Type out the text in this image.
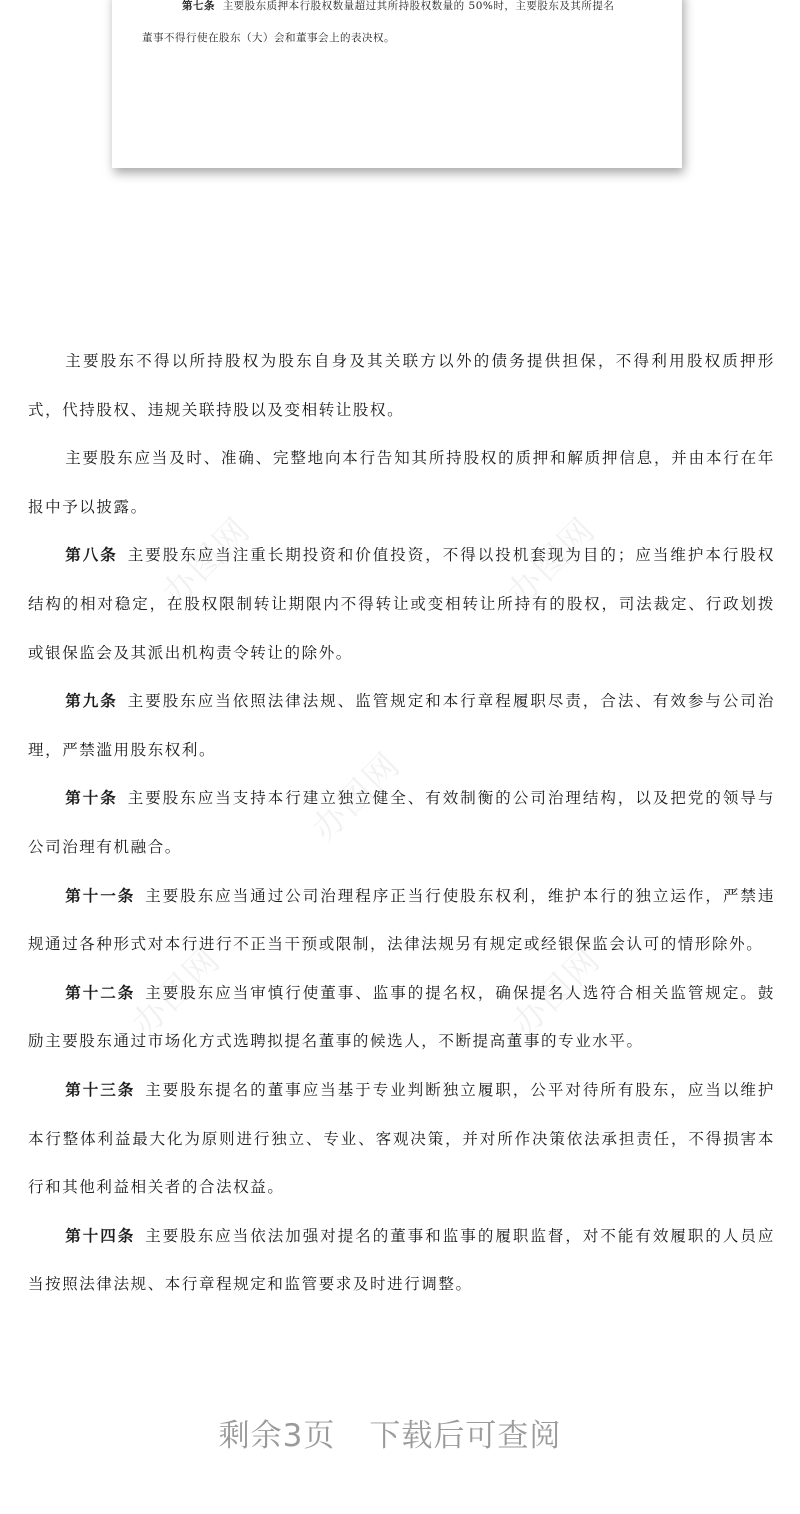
第七条 主要股东质押本行股权数量超过其所持股权数量的 50%时，主要股东及其所提名
董事不得行使在股东（大）会和董事会上的表决权。
办图网	办图网
办图网
办图网	办图网

主要股东不得以所持股权为股东自身及其关联方以外的债务提供担保，不得利用股权质押形式，代持股权、违规关联持股以及变相转让股权。

主要股东应当及时、准确、完整地向本行告知其所持股权的质押和解质押信息，并由本行在年报中予以披露。

第八条 主要股东应当注重长期投资和价值投资，不得以投机套现为目的；应当维护本行股权结构的相对稳定，在股权限制转让期限内不得转让或变相转让所持有的股权，司法裁定、行政划拨或银保监会及其派出机构责令转让的除外。

第九条 主要股东应当依照法律法规、监管规定和本行章程履职尽责，合法、有效参与公司治理，严禁滥用股东权利。

第十条 主要股东应当支持本行建立独立健全、有效制衡的公司治理结构，以及把党的领导与公司治理有机融合。

第十一条 主要股东应当通过公司治理程序正当行使股东权利，维护本行的独立运作，严禁违规通过各种形式对本行进行不正当干预或限制，法律法规另有规定或经银保监会认可的情形除外。

第十二条 主要股东应当审慎行使董事、监事的提名权，确保提名人选符合相关监管规定。鼓励主要股东通过市场化方式选聘拟提名董事的候选人，不断提高董事的专业水平。

第十三条 主要股东提名的董事应当基于专业判断独立履职，公平对待所有股东，应当以维护本行整体利益最大化为原则进行独立、专业、客观决策，并对所作决策依法承担责任，不得损害本行和其他利益相关者的合法权益。

第十四条 主要股东应当依法加强对提名的董事和监事的履职监督，对不能有效履职的人员应当按照法律法规、本行章程规定和监管要求及时进行调整。

剩余3页 下载后可查阅
